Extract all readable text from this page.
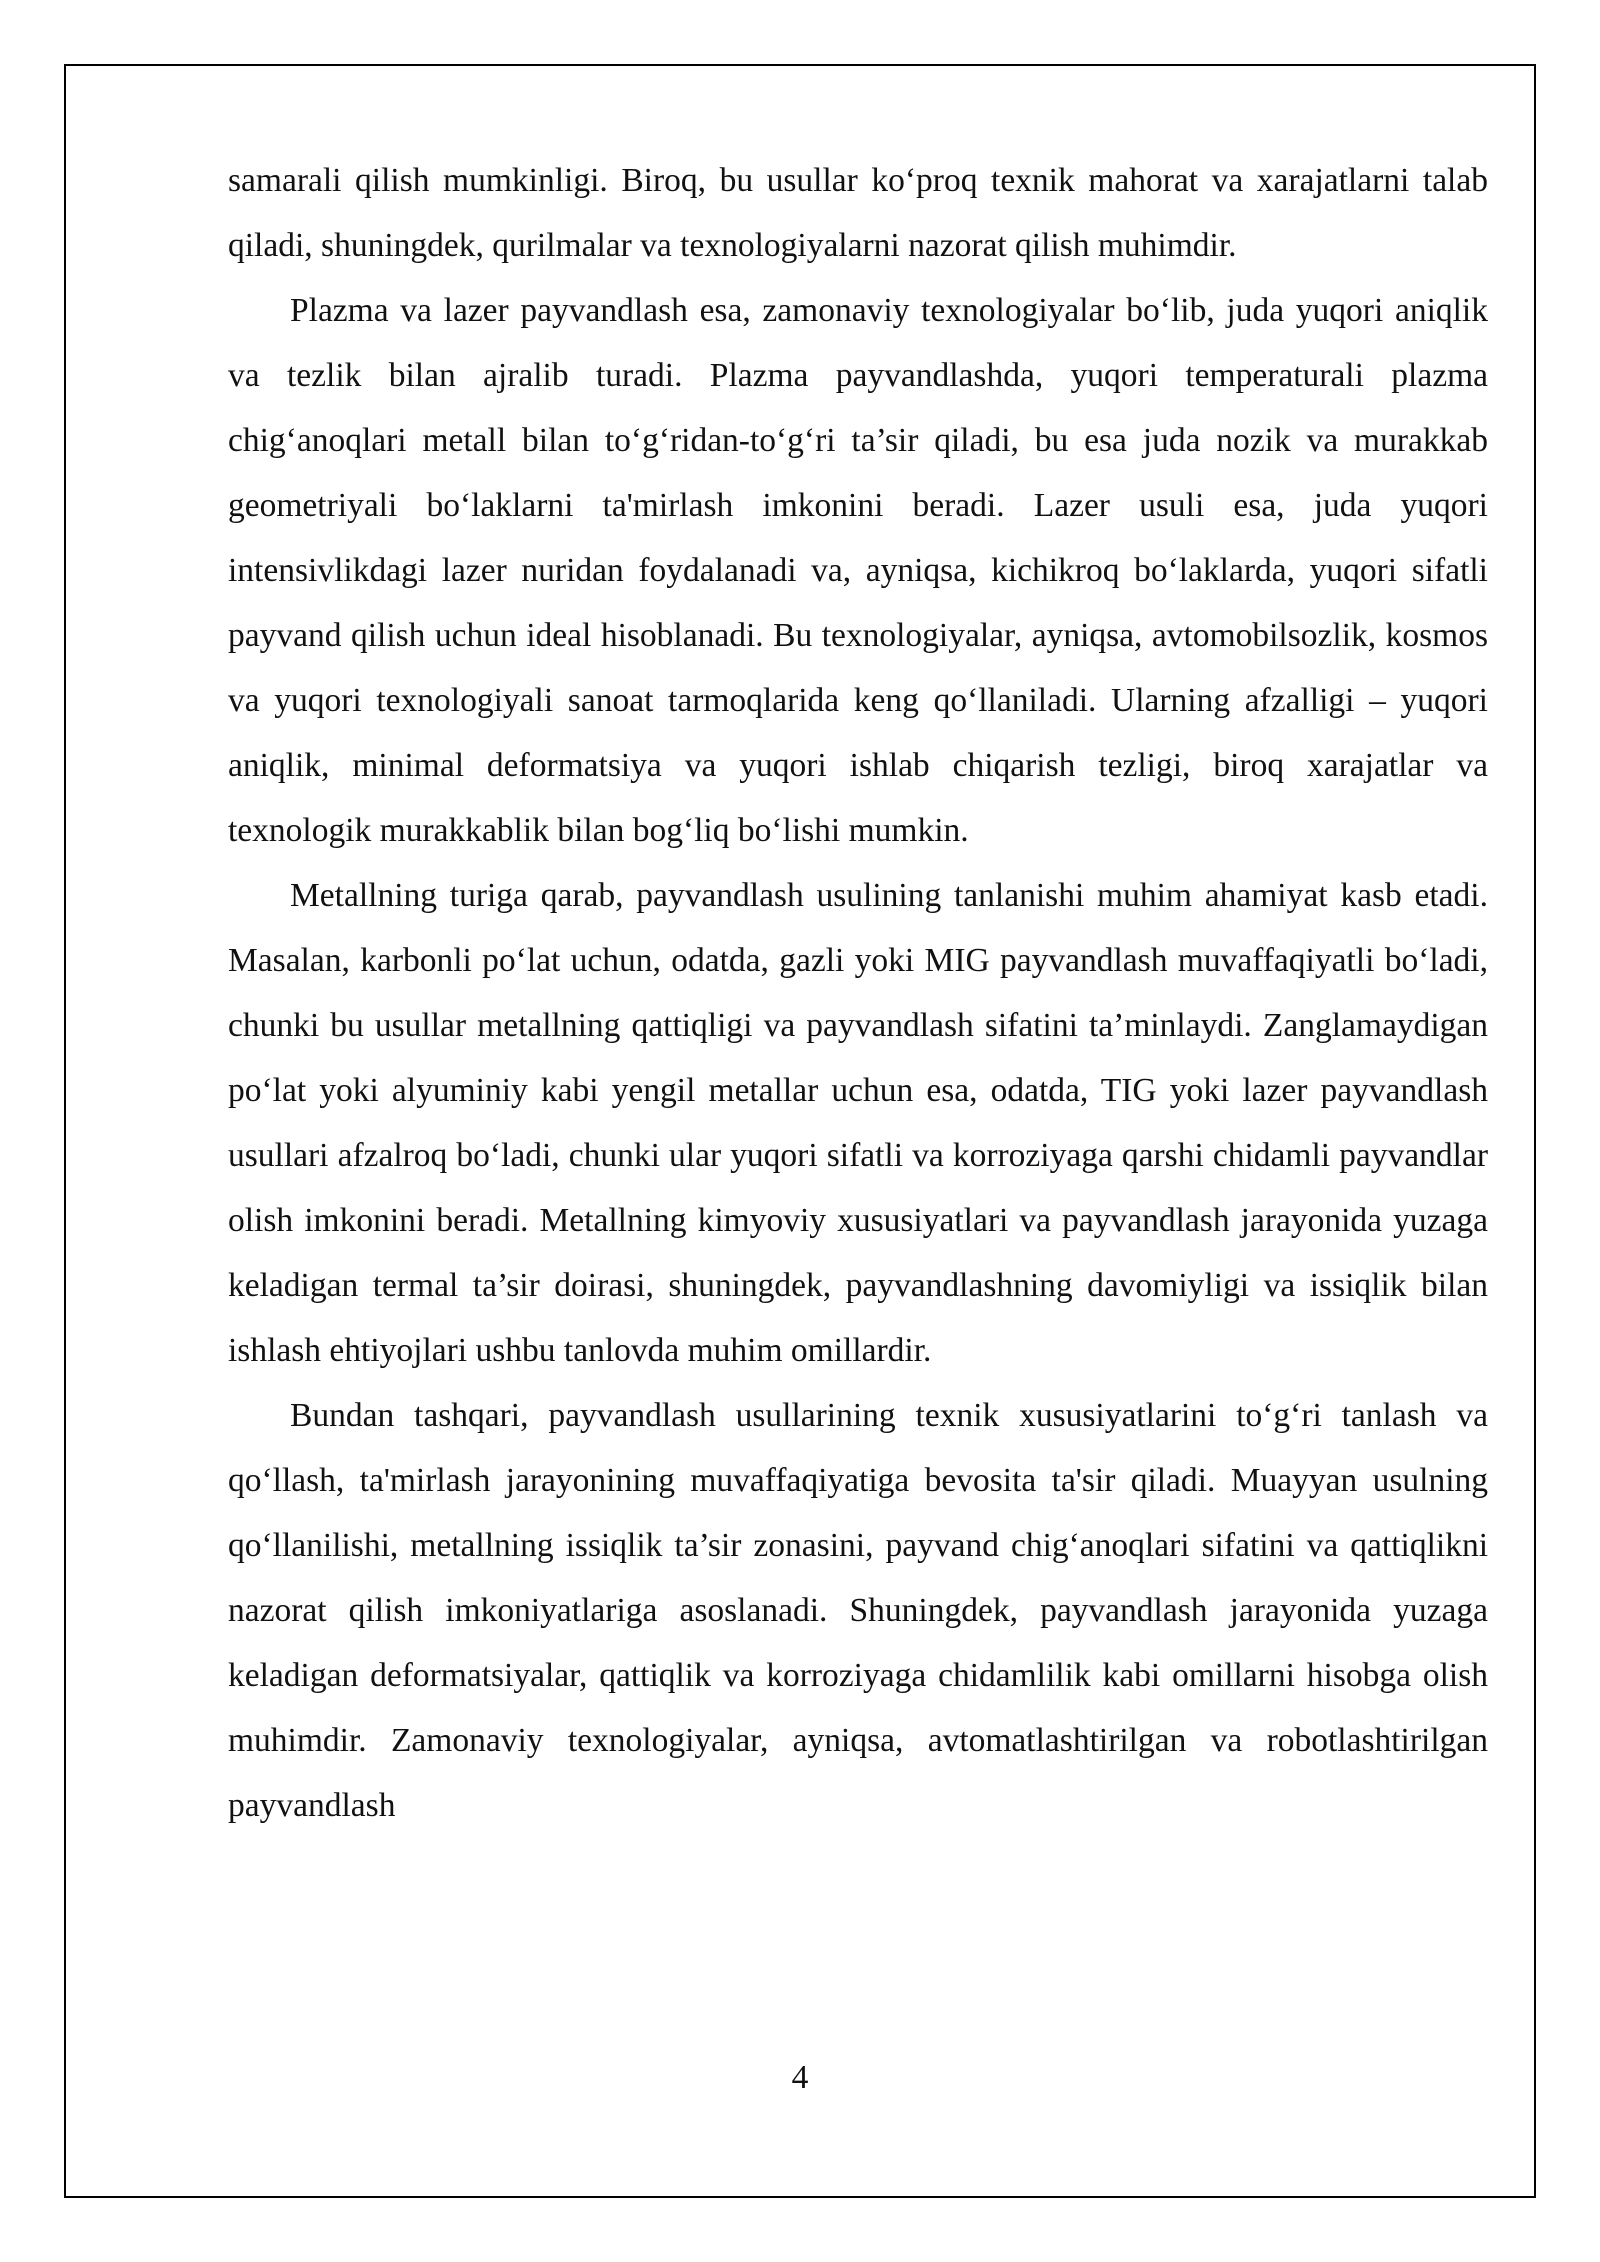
samarali qilish mumkinligi. Biroq, bu usullar ko‘proq texnik mahorat va xarajatlarni talab qiladi, shuningdek, qurilmalar va texnologiyalarni nazorat qilish muhimdir.

Plazma va lazer payvandlash esa, zamonaviy texnologiyalar bo‘lib, juda yuqori aniqlik va tezlik bilan ajralib turadi. Plazma payvandlashda, yuqori temperaturali plazma chig‘anoqlari metall bilan to‘g‘ridan-to‘g‘ri ta’sir qiladi, bu esa juda nozik va murakkab geometriyali bo‘laklarni ta'mirlash imkonini beradi. Lazer usuli esa, juda yuqori intensivlikdagi lazer nuridan foydalanadi va, ayniqsa, kichikroq bo‘laklarda, yuqori sifatli payvand qilish uchun ideal hisoblanadi. Bu texnologiyalar, ayniqsa, avtomobilsozlik, kosmos va yuqori texnologiyali sanoat tarmoqlarida keng qo‘llaniladi. Ularning afzalligi – yuqori aniqlik, minimal deformatsiya va yuqori ishlab chiqarish tezligi, biroq xarajatlar va texnologik murakkablik bilan bog‘liq bo‘lishi mumkin.

Metallning turiga qarab, payvandlash usulining tanlanishi muhim ahamiyat kasb etadi. Masalan, karbonli po‘lat uchun, odatda, gazli yoki MIG payvandlash muvaffaqiyatli bo‘ladi, chunki bu usullar metallning qattiqligi va payvandlash sifatini ta’minlaydi. Zanglamaydigan po‘lat yoki alyuminiy kabi yengil metallar uchun esa, odatda, TIG yoki lazer payvandlash usullari afzalroq bo‘ladi, chunki ular yuqori sifatli va korroziyaga qarshi chidamli payvandlar olish imkonini beradi. Metallning kimyoviy xususiyatlari va payvandlash jarayonida yuzaga keladigan termal ta’sir doirasi, shuningdek, payvandlashning davomiyligi va issiqlik bilan ishlash ehtiyojlari ushbu tanlovda muhim omillardir.

Bundan tashqari, payvandlash usullarining texnik xususiyatlarini to‘g‘ri tanlash va qo‘llash, ta'mirlash jarayonining muvaffaqiyatiga bevosita ta'sir qiladi. Muayyan usulning qo‘llanilishi, metallning issiqlik ta’sir zonasini, payvand chig‘anoqlari sifatini va qattiqlikni nazorat qilish imkoniyatlariga asoslanadi. Shuningdek, payvandlash jarayonida yuzaga keladigan deformatsiyalar, qattiqlik va korroziyaga chidamlilik kabi omillarni hisobga olish muhimdir. Zamonaviy texnologiyalar, ayniqsa, avtomatlashtirilgan va robotlashtirilgan payvandlash

4
